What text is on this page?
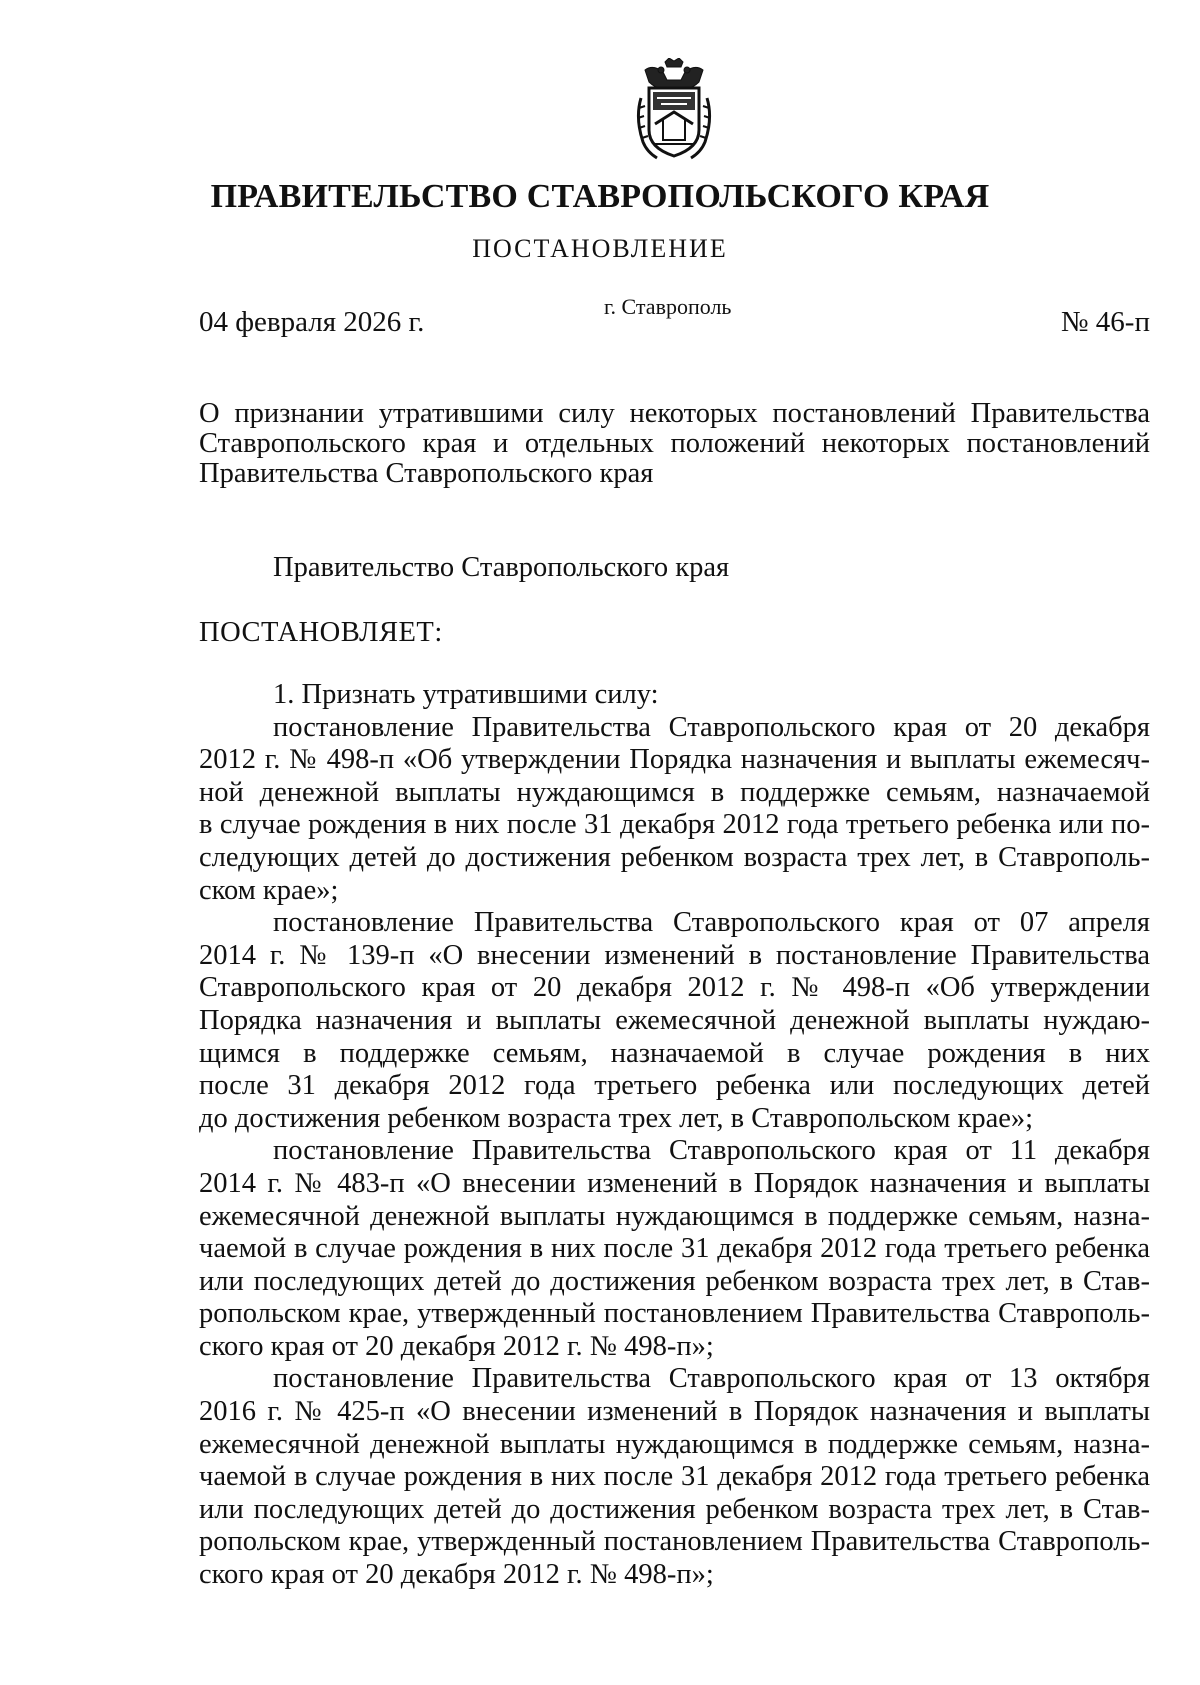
ПРАВИТЕЛЬСТВО СТАВРОПОЛЬСКОГО КРАЯ
ПОСТАНОВЛЕНИЕ
04 февраля 2026 г.	г. Ставрополь	№ 46-п
О признании утратившими силу некоторых постановлений Правительства Ставропольского края и отдельных положений некоторых постановлений Правительства Ставропольского края
Правительство Ставропольского края
ПОСТАНОВЛЯЕТ:
1. Признать утратившими силу:
постановление Правительства Ставропольского края от 20 декабря
2012 г. № 498-п «Об утверждении Порядка назначения и выплаты ежемесяч-
ной денежной выплаты нуждающимся в поддержке семьям, назначаемой
в случае рождения в них после 31 декабря 2012 года третьего ребенка или по-
следующих детей до достижения ребенком возраста трех лет, в Ставрополь-
ском крае»;
постановление Правительства Ставропольского края от 07 апреля
2014 г. № 139-п «О внесении изменений в постановление Правительства
Ставропольского края от 20 декабря 2012 г. № 498-п «Об утверждении
Порядка назначения и выплаты ежемесячной денежной выплаты нуждаю-
щимся в поддержке семьям, назначаемой в случае рождения в них
после 31 декабря 2012 года третьего ребенка или последующих детей
до достижения ребенком возраста трех лет, в Ставропольском крае»;
постановление Правительства Ставропольского края от 11 декабря
2014 г. № 483-п «О внесении изменений в Порядок назначения и выплаты
ежемесячной денежной выплаты нуждающимся в поддержке семьям, назна-
чаемой в случае рождения в них после 31 декабря 2012 года третьего ребенка
или последующих детей до достижения ребенком возраста трех лет, в Став-
ропольском крае, утвержденный постановлением Правительства Ставрополь-
ского края от 20 декабря 2012 г. № 498-п»;
постановление Правительства Ставропольского края от 13 октября
2016 г. № 425-п «О внесении изменений в Порядок назначения и выплаты
ежемесячной денежной выплаты нуждающимся в поддержке семьям, назна-
чаемой в случае рождения в них после 31 декабря 2012 года третьего ребенка
или последующих детей до достижения ребенком возраста трех лет, в Став-
ропольском крае, утвержденный постановлением Правительства Ставрополь-
ского края от 20 декабря 2012 г. № 498-п»;
